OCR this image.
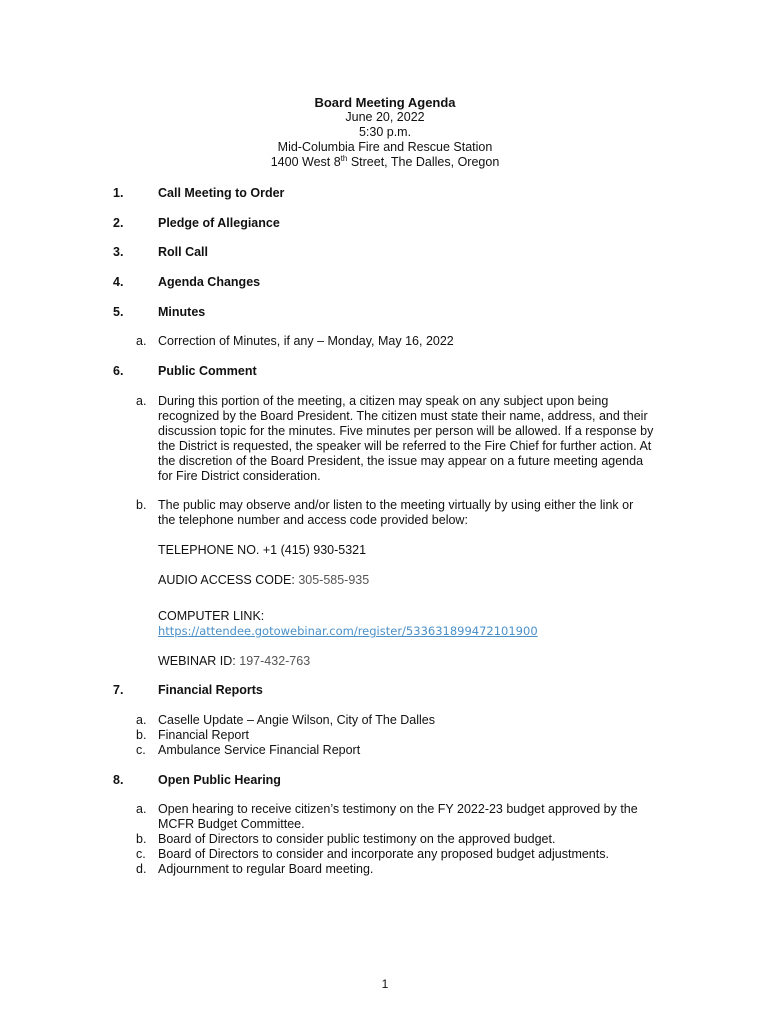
Board Meeting Agenda
June 20, 2022
5:30 p.m.
Mid-Columbia Fire and Rescue Station
1400 West 8th Street, The Dalles, Oregon
1.	Call Meeting to Order
2.	Pledge of Allegiance
3.	Roll Call
4.	Agenda Changes
5.	Minutes
a. Correction of Minutes, if any – Monday, May 16, 2022
6.	Public Comment
a. During this portion of the meeting, a citizen may speak on any subject upon being recognized by the Board President. The citizen must state their name, address, and their discussion topic for the minutes. Five minutes per person will be allowed. If a response by the District is requested, the speaker will be referred to the Fire Chief for further action. At the discretion of the Board President, the issue may appear on a future meeting agenda for Fire District consideration.
b. The public may observe and/or listen to the meeting virtually by using either the link or the telephone number and access code provided below:
TELEPHONE NO. +1 (415) 930-5321
AUDIO ACCESS CODE: 305-585-935
COMPUTER LINK:
https://attendee.gotowebinar.com/register/5336318994721019​00
WEBINAR ID: 197-432-763
7.	Financial Reports
a. Caselle Update – Angie Wilson, City of The Dalles
b. Financial Report
c. Ambulance Service Financial Report
8.	Open Public Hearing
a. Open hearing to receive citizen’s testimony on the FY 2022-23 budget approved by the MCFR Budget Committee.
b. Board of Directors to consider public testimony on the approved budget.
c. Board of Directors to consider and incorporate any proposed budget adjustments.
d. Adjournment to regular Board meeting.
1
